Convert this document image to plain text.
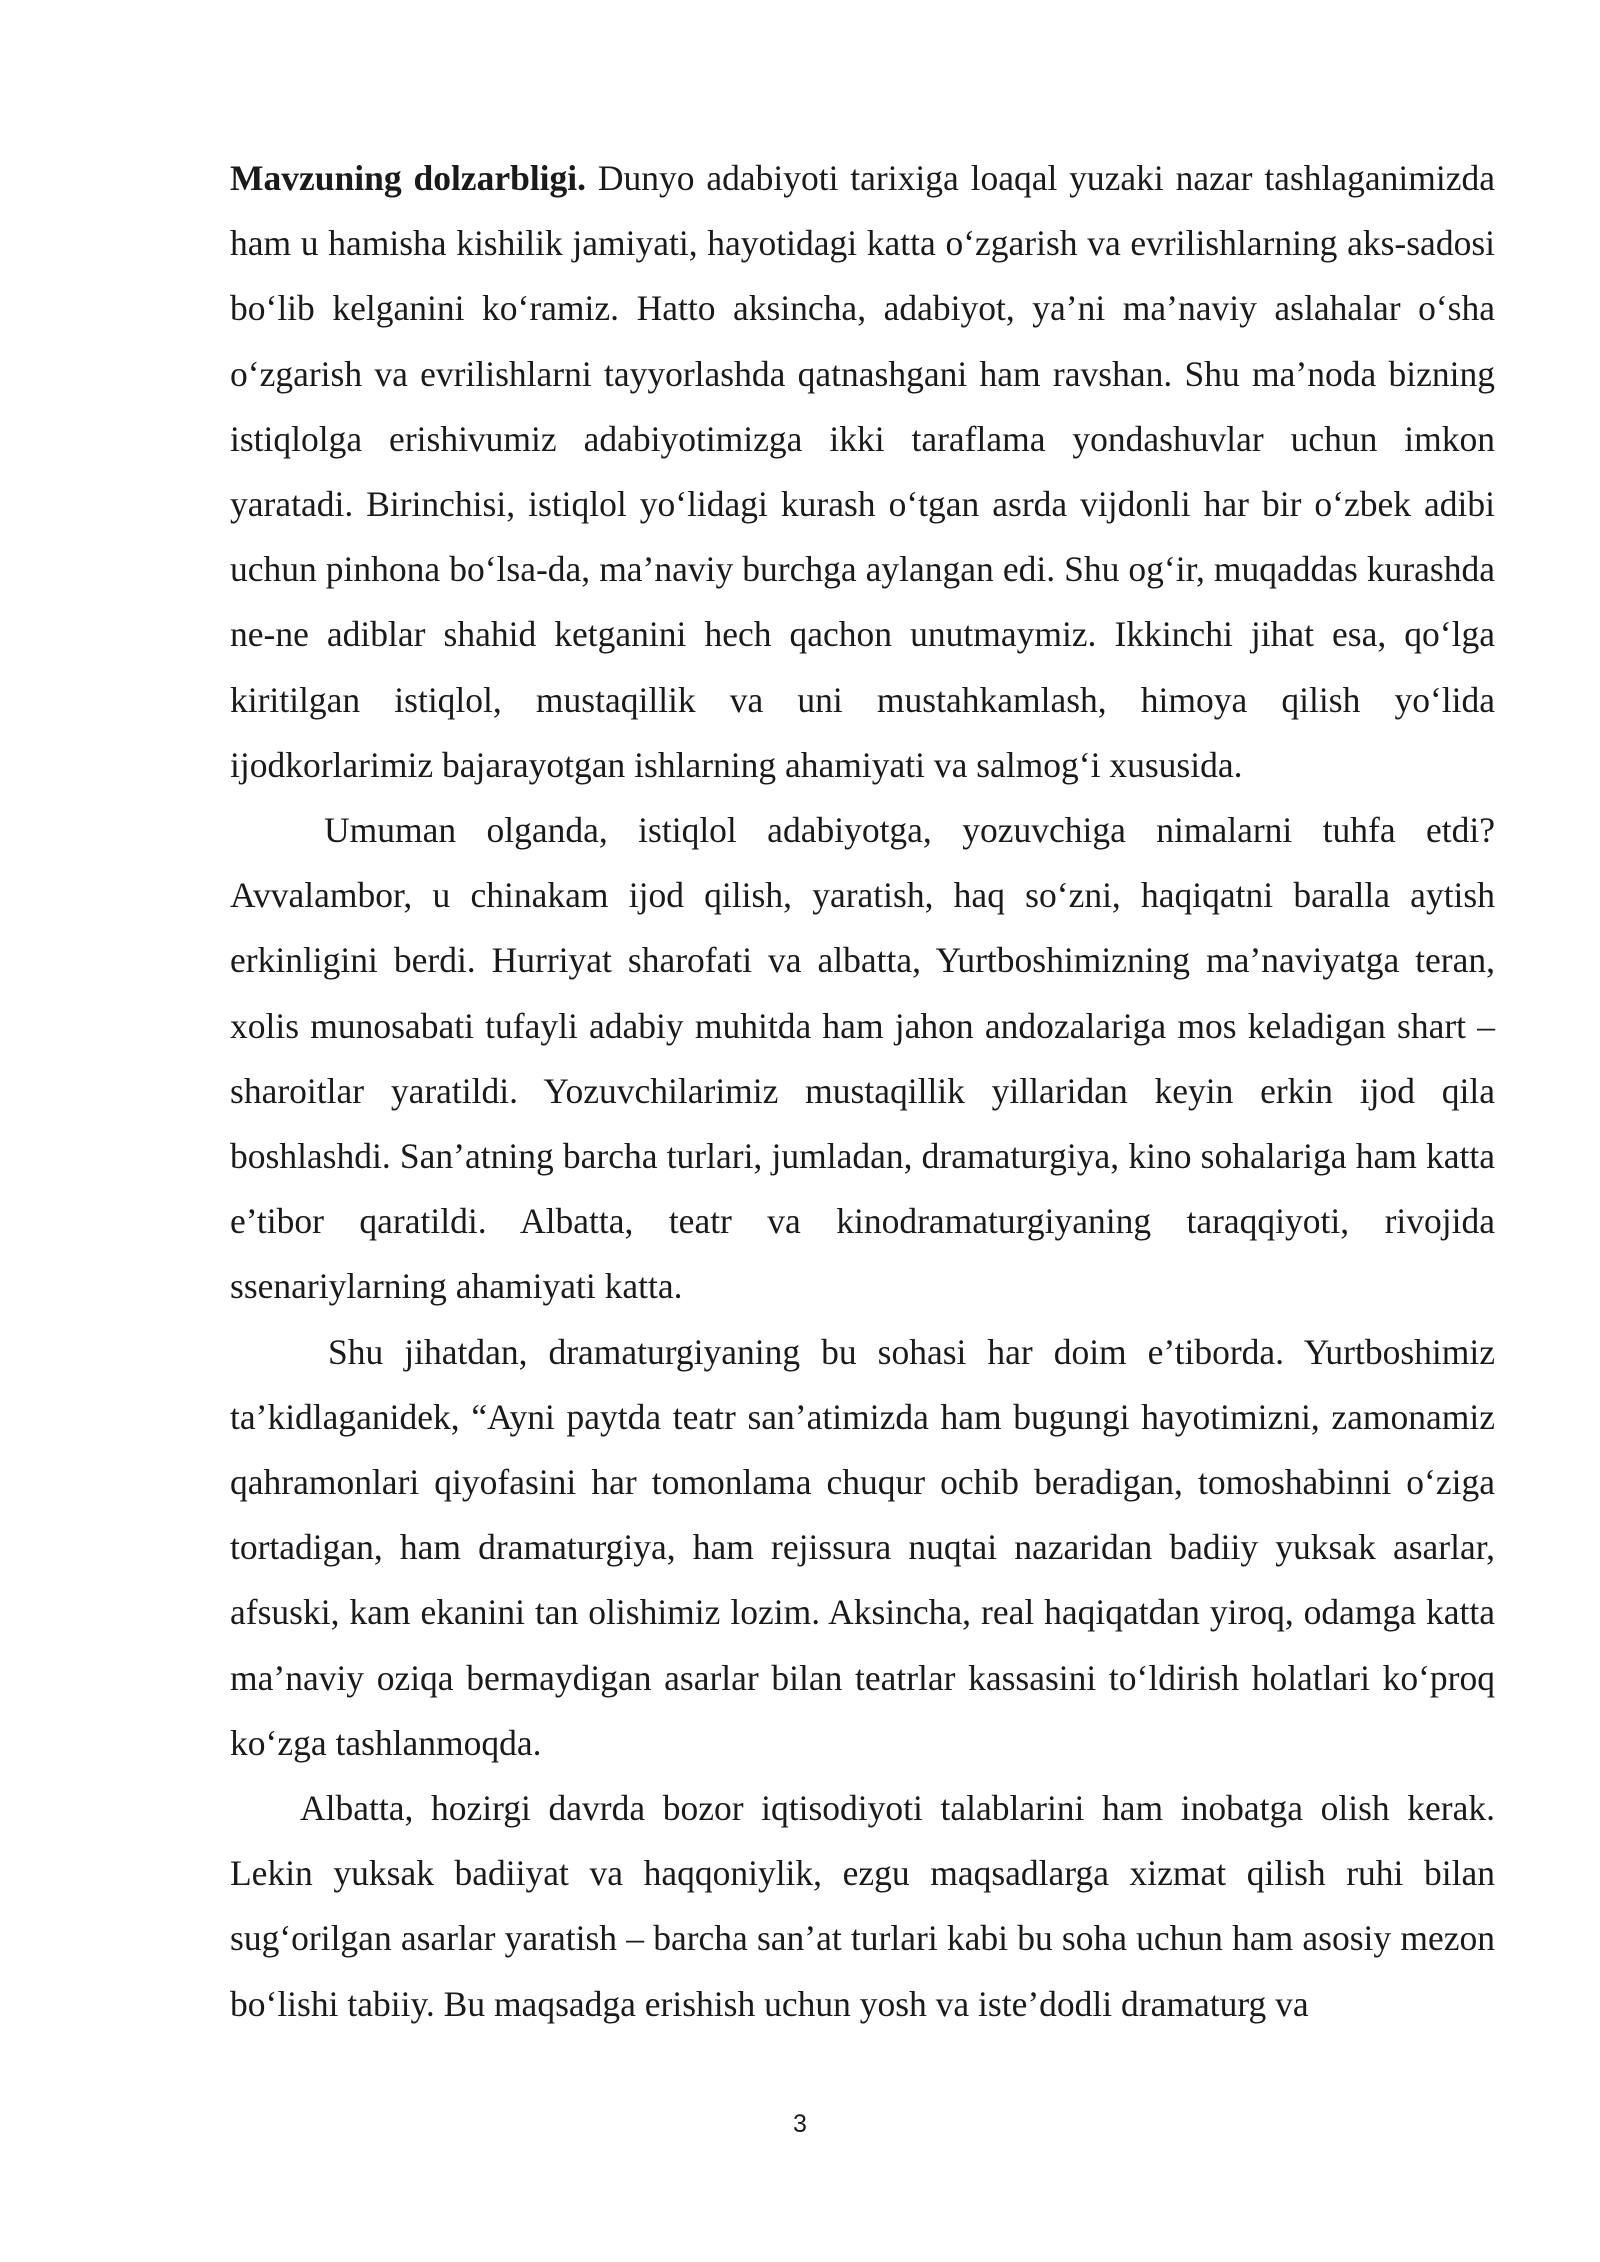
Mavzuning dolzarbligi. Dunyo adabiyoti tarixiga loaqal yuzaki nazar tashlaganimizda ham u hamisha kishilik jamiyati, hayotidagi katta o‘zgarish va evrilishlarning aks-sadosi bo‘lib kelganini ko‘ramiz. Hatto aksincha, adabiyot, ya’ni ma’naviy aslahalar o‘sha o‘zgarish va evrilishlarni tayyorlashda qatnashgani ham ravshan. Shu ma’noda bizning istiqlolga erishivumiz adabiyotimizga ikki taraflama yondashuvlar uchun imkon yaratadi. Birinchisi, istiqlol yo‘lidagi kurash o‘tgan asrda vijdonli har bir o‘zbek adibi uchun pinhona bo‘lsa-da, ma’naviy burchga aylangan edi. Shu og‘ir, muqaddas kurashda ne-ne adiblar shahid ketganini hech qachon unutmaymiz. Ikkinchi jihat esa, qo‘lga kiritilgan istiqlol, mustaqillik va uni mustahkamlash, himoya qilish yo‘lida ijodkorlarimiz bajarayotgan ishlarning ahamiyati va salmog‘i xususida.

Umuman olganda, istiqlol adabiyotga, yozuvchiga nimalarni tuhfa etdi? Avvalambor, u chinakam ijod qilish, yaratish, haq so‘zni, haqiqatni baralla aytish erkinligini berdi. Hurriyat sharofati va albatta, Yurtboshimizning ma’naviyatga teran, xolis munosabati tufayli adabiy muhitda ham jahon andozalariga mos keladigan shart – sharoitlar yaratildi. Yozuvchilarimiz mustaqillik yillaridan keyin erkin ijod qila boshlashdi. San’atning barcha turlari, jumladan, dramaturgiya, kino sohalariga ham katta e’tibor qaratildi. Albatta, teatr va kinodramaturgiyaning taraqqiyoti, rivojida ssenariylarning ahamiyati katta.

Shu jihatdan, dramaturgiyaning bu sohasi har doim e’tiborda. Yurtboshimiz ta’kidlaganidek, “Ayni paytda teatr san’atimizda ham bugungi hayotimizni, zamonamiz qahramonlari qiyofasini har tomonlama chuqur ochib beradigan, tomoshabinni o‘ziga tortadigan, ham dramaturgiya, ham rejissura nuqtai nazaridan badiiy yuksak asarlar, afsuski, kam ekanini tan olishimiz lozim. Aksincha, real haqiqatdan yiroq, odamga katta ma’naviy oziqa bermaydigan asarlar bilan teatrlar kassasini to‘ldirish holatlari ko‘proq ko‘zga tashlanmoqda.

Albatta, hozirgi davrda bozor iqtisodiyoti talablarini ham inobatga olish kerak. Lekin yuksak badiiyat va haqqoniylik, ezgu maqsadlarga xizmat qilish ruhi bilan sug‘orilgan asarlar yaratish – barcha san’at turlari kabi bu soha uchun ham asosiy mezon bo‘lishi tabiiy. Bu maqsadga erishish uchun yosh va iste’dodli dramaturg va

3
